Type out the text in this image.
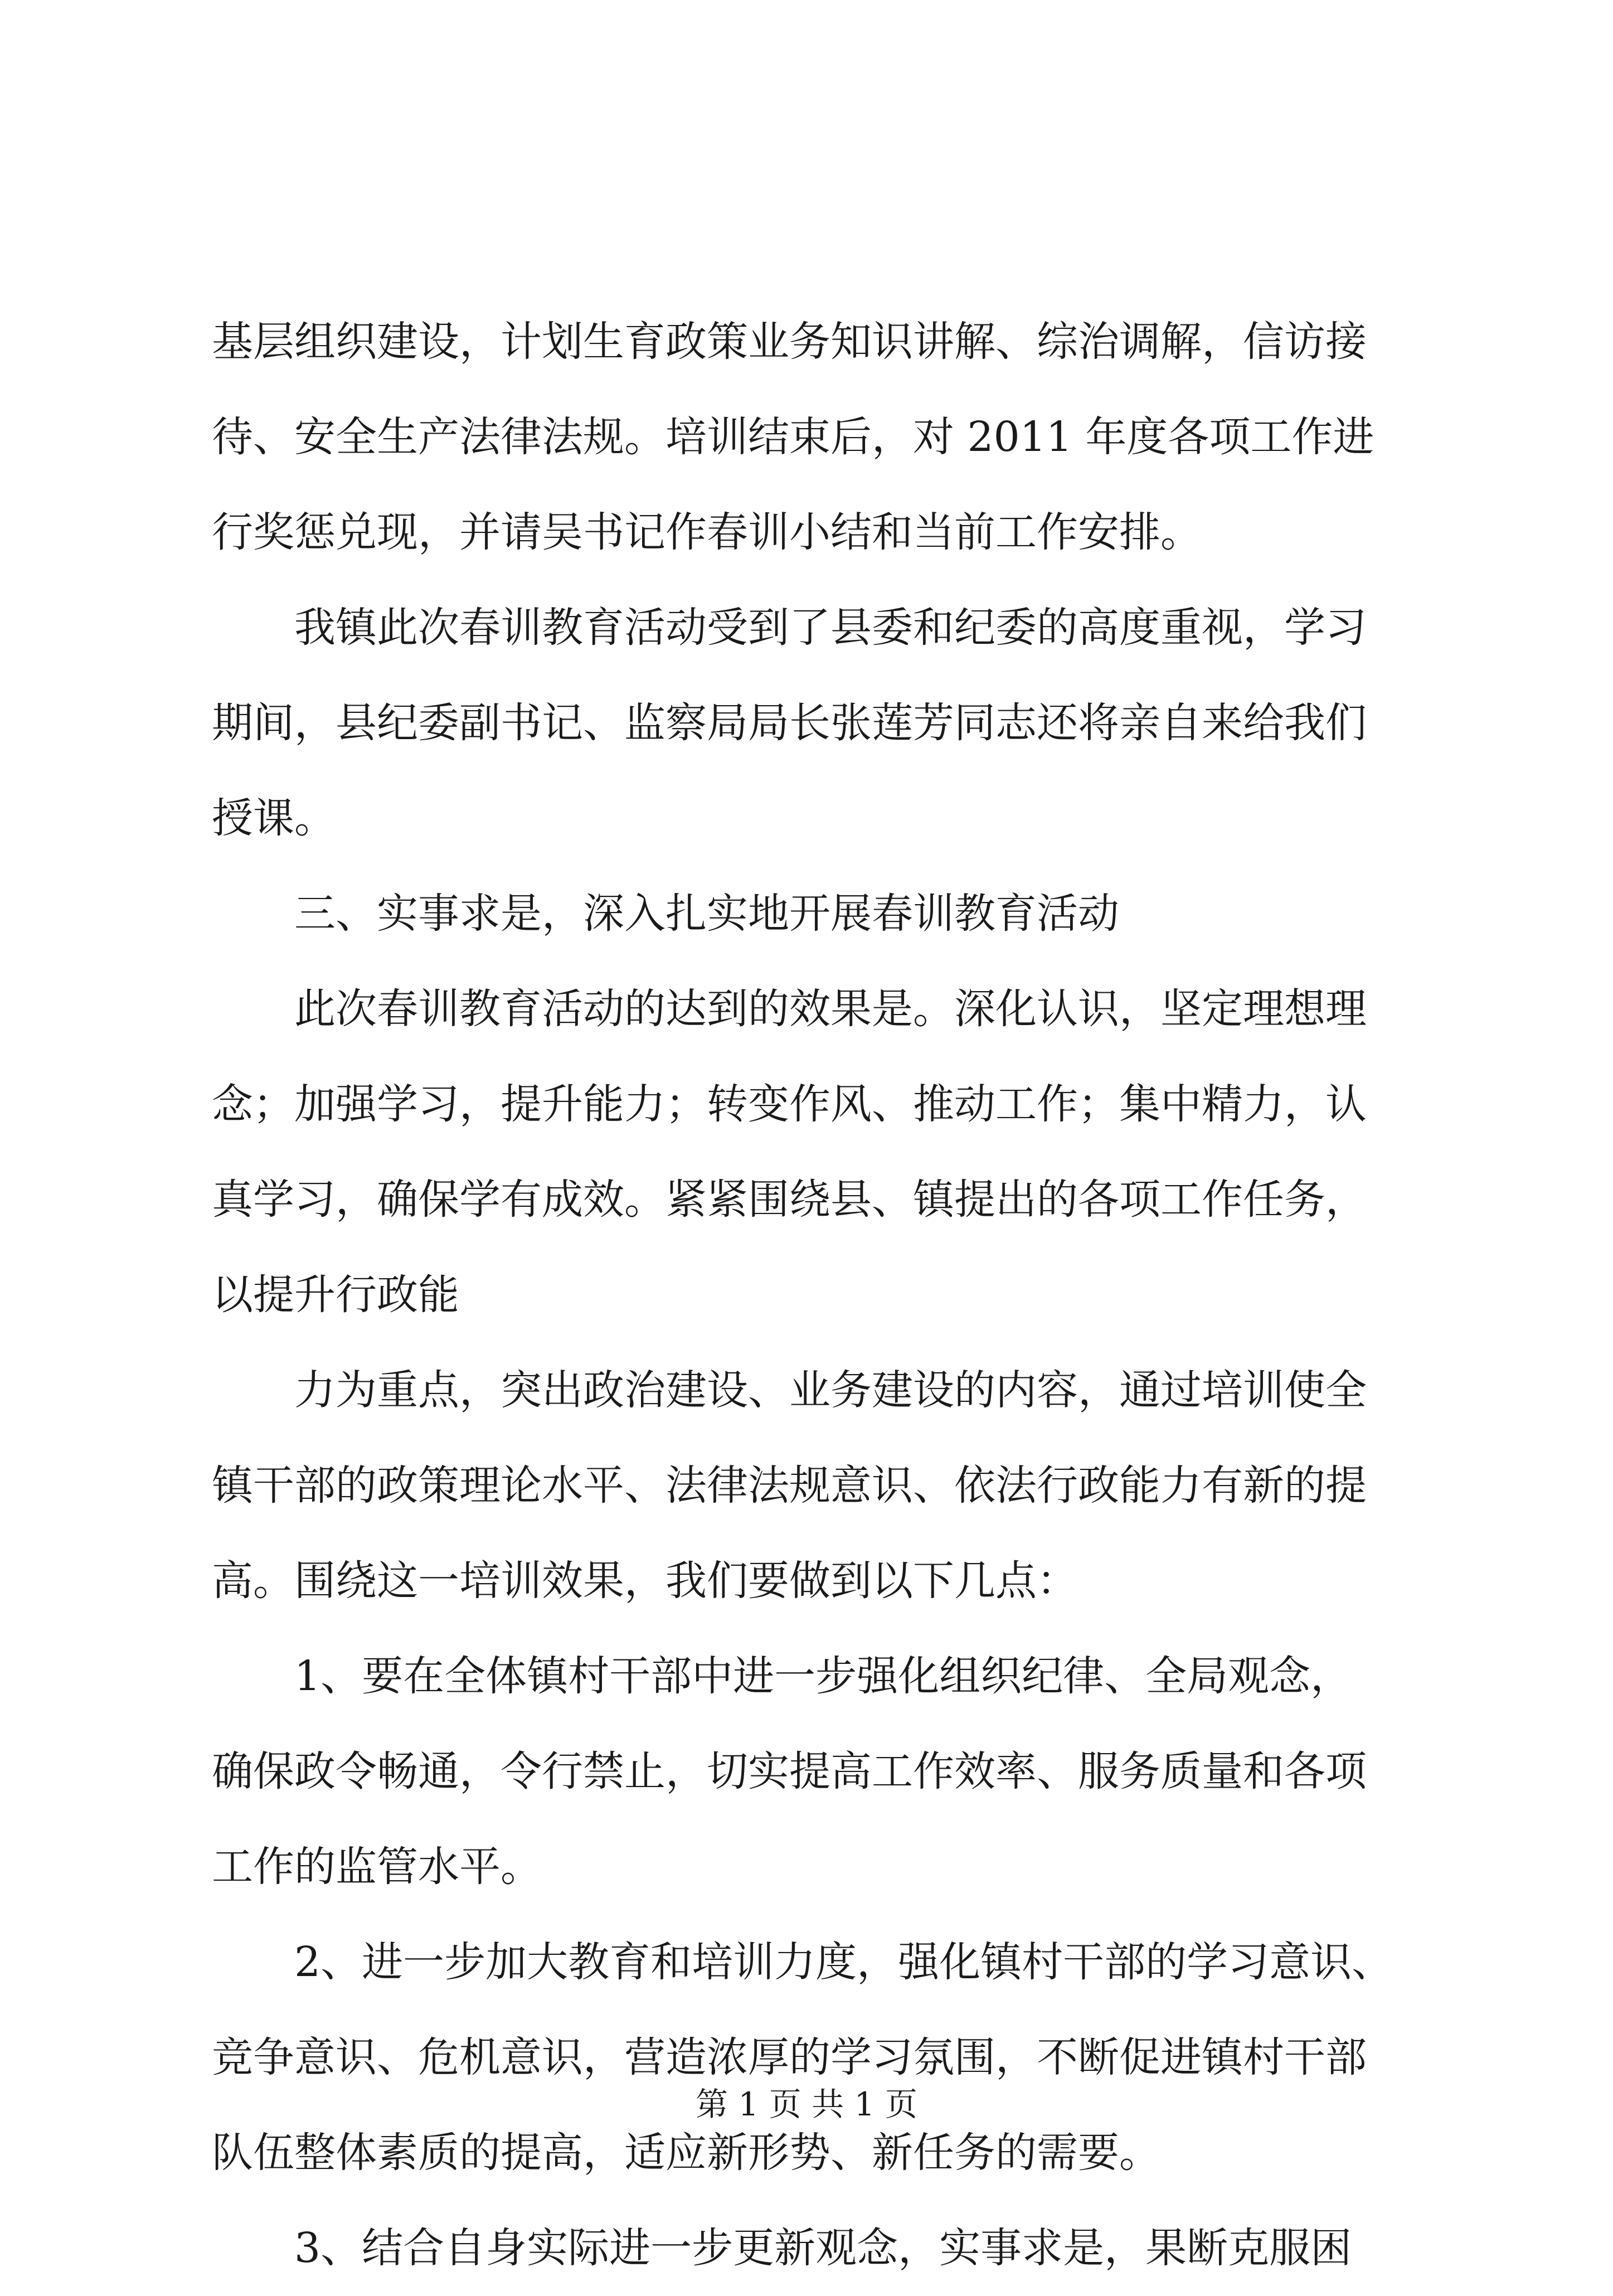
基层组织建设，计划生育政策业务知识讲解、综治调解，信访接
待、安全生产法律法规。培训结束后，对 2011 年度各项工作进
行奖惩兑现，并请吴书记作春训小结和当前工作安排。
我镇此次春训教育活动受到了县委和纪委的高度重视，学习
期间，县纪委副书记、监察局局长张莲芳同志还将亲自来给我们
授课。
三、实事求是，深入扎实地开展春训教育活动
此次春训教育活动的达到的效果是。深化认识，坚定理想理
念；加强学习，提升能力；转变作风、推动工作；集中精力，认
真学习，确保学有成效。紧紧围绕县、镇提出的各项工作任务，
以提升行政能
力为重点，突出政治建设、业务建设的内容，通过培训使全
镇干部的政策理论水平、法律法规意识、依法行政能力有新的提
高。围绕这一培训效果，我们要做到以下几点：
1、要在全体镇村干部中进一步强化组织纪律、全局观念，
确保政令畅通，令行禁止，切实提高工作效率、服务质量和各项
工作的监管水平。
2、进一步加大教育和培训力度，强化镇村干部的学习意识、
竞争意识、危机意识，营造浓厚的学习氛围，不断促进镇村干部
队伍整体素质的提高，适应新形势、新任务的需要。
3、结合自身实际进一步更新观念，实事求是，果断克服困
第 1 页 共 1 页
